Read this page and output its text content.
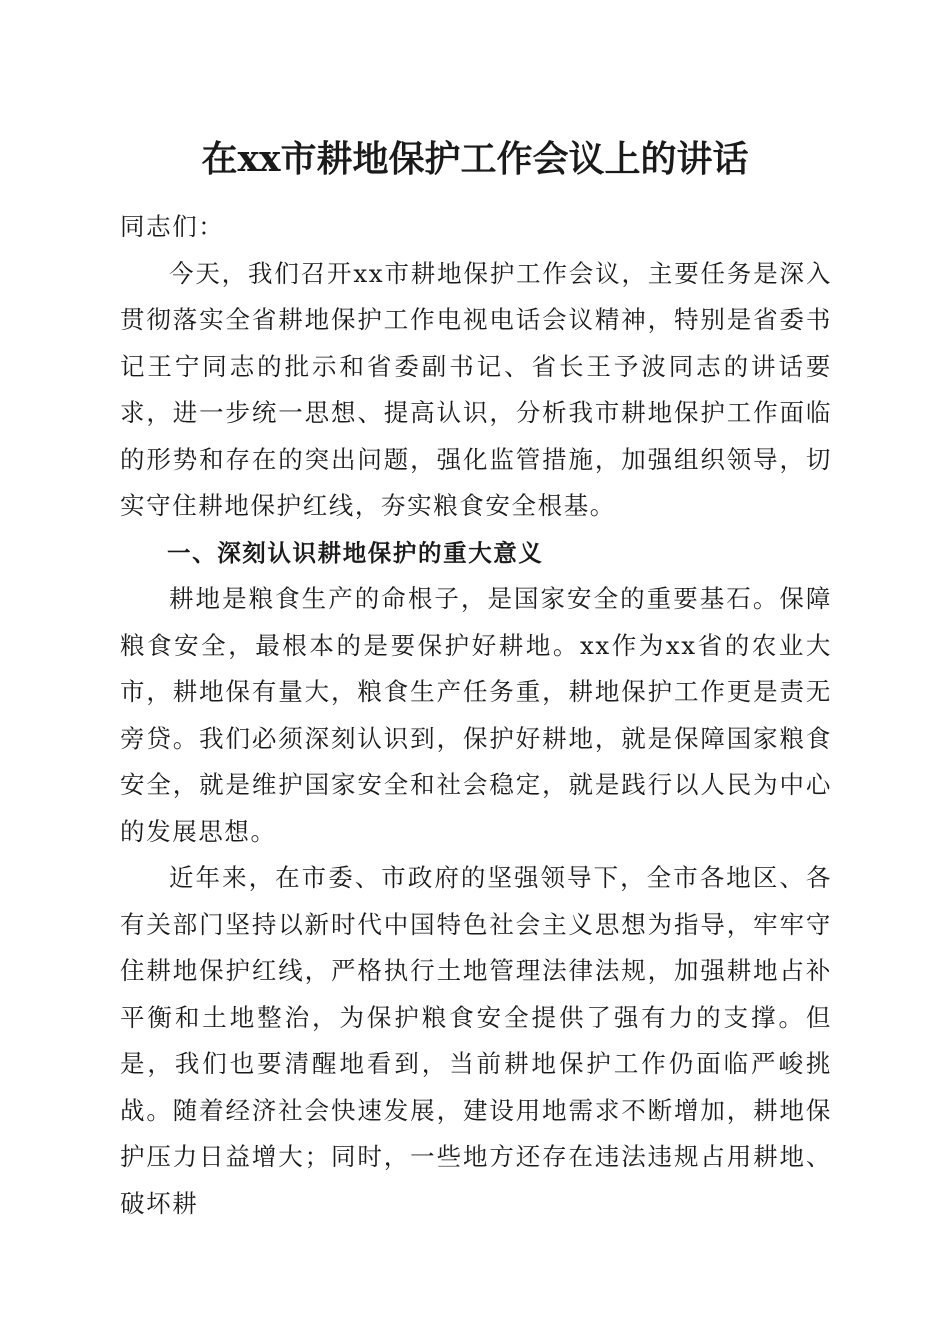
在xx市耕地保护工作会议上的讲话

同志们：

今天，我们召开xx市耕地保护工作会议，主要任务是深入贯彻落实全省耕地保护工作电视电话会议精神，特别是省委书记王宁同志的批示和省委副书记、省长王予波同志的讲话要求，进一步统一思想、提高认识，分析我市耕地保护工作面临的形势和存在的突出问题，强化监管措施，加强组织领导，切实守住耕地保护红线，夯实粮食安全根基。

一、深刻认识耕地保护的重大意义

耕地是粮食生产的命根子，是国家安全的重要基石。保障粮食安全，最根本的是要保护好耕地。xx作为xx省的农业大市，耕地保有量大，粮食生产任务重，耕地保护工作更是责无旁贷。我们必须深刻认识到，保护好耕地，就是保障国家粮食安全，就是维护国家安全和社会稳定，就是践行以人民为中心的发展思想。

近年来，在市委、市政府的坚强领导下，全市各地区、各有关部门坚持以新时代中国特色社会主义思想为指导，牢牢守住耕地保护红线，严格执行土地管理法律法规，加强耕地占补平衡和土地整治，为保护粮食安全提供了强有力的支撑。但是，我们也要清醒地看到，当前耕地保护工作仍面临严峻挑战。随着经济社会快速发展，建设用地需求不断增加，耕地保护压力日益增大；同时，一些地方还存在违法违规占用耕地、破坏耕
